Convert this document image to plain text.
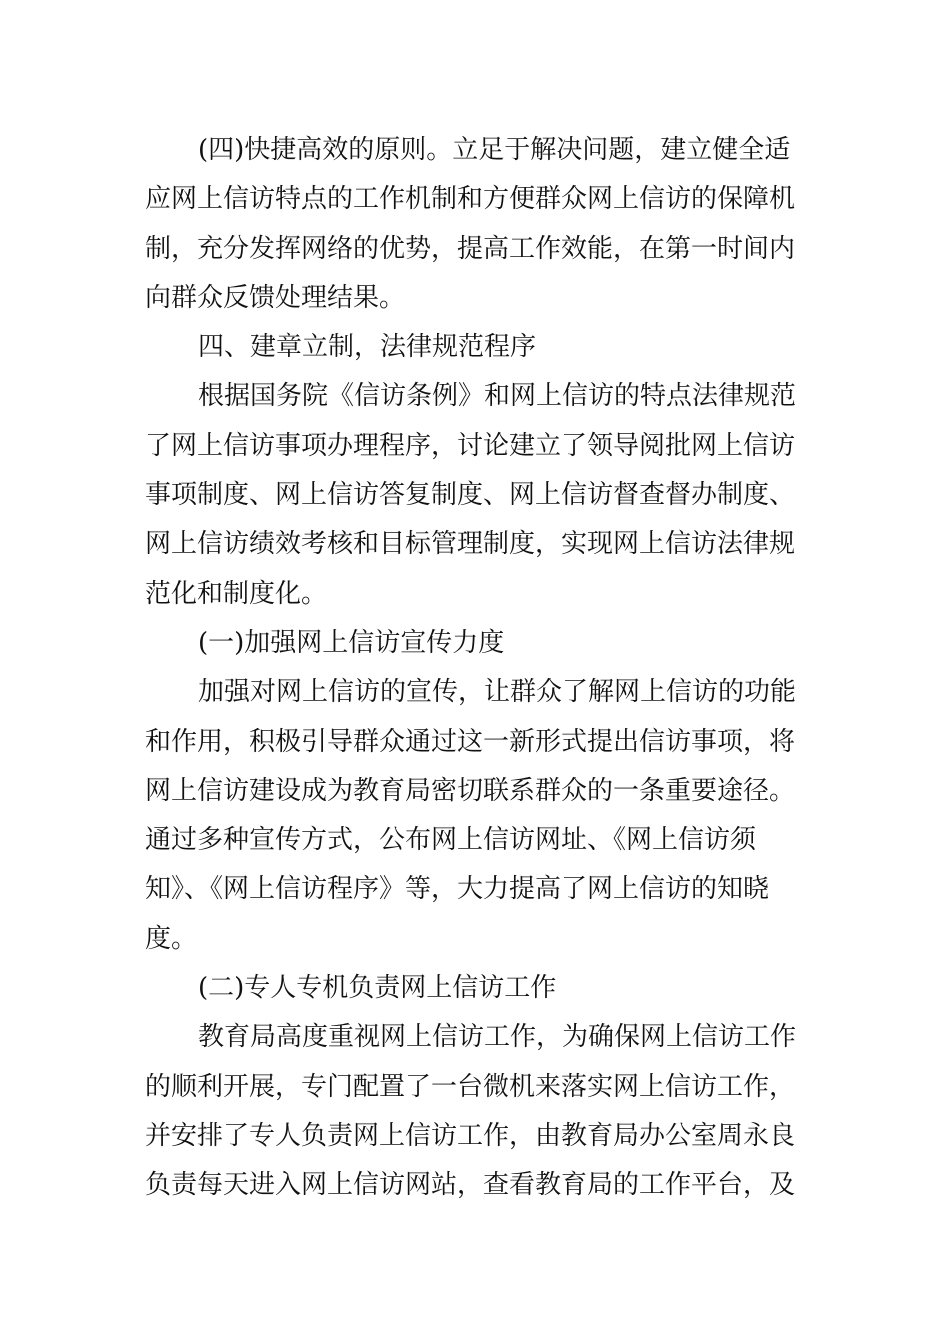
(四)快捷高效的原则。立足于解决问题，建立健全适
应网上信访特点的工作机制和方便群众网上信访的保障机
制，充分发挥网络的优势，提高工作效能，在第一时间内
向群众反馈处理结果。
四、建章立制，法律规范程序
根据国务院《信访条例》和网上信访的特点法律规范
了网上信访事项办理程序，讨论建立了领导阅批网上信访
事项制度、网上信访答复制度、网上信访督查督办制度、
网上信访绩效考核和目标管理制度，实现网上信访法律规
范化和制度化。
(一)加强网上信访宣传力度
加强对网上信访的宣传，让群众了解网上信访的功能
和作用，积极引导群众通过这一新形式提出信访事项，将
网上信访建设成为教育局密切联系群众的一条重要途径。
通过多种宣传方式，公布网上信访网址、《网上信访须
知》、《网上信访程序》等，大力提高了网上信访的知晓
度。
(二)专人专机负责网上信访工作
教育局高度重视网上信访工作，为确保网上信访工作
的顺利开展，专门配置了一台微机来落实网上信访工作，
并安排了专人负责网上信访工作，由教育局办公室周永良
负责每天进入网上信访网站，查看教育局的工作平台，及
